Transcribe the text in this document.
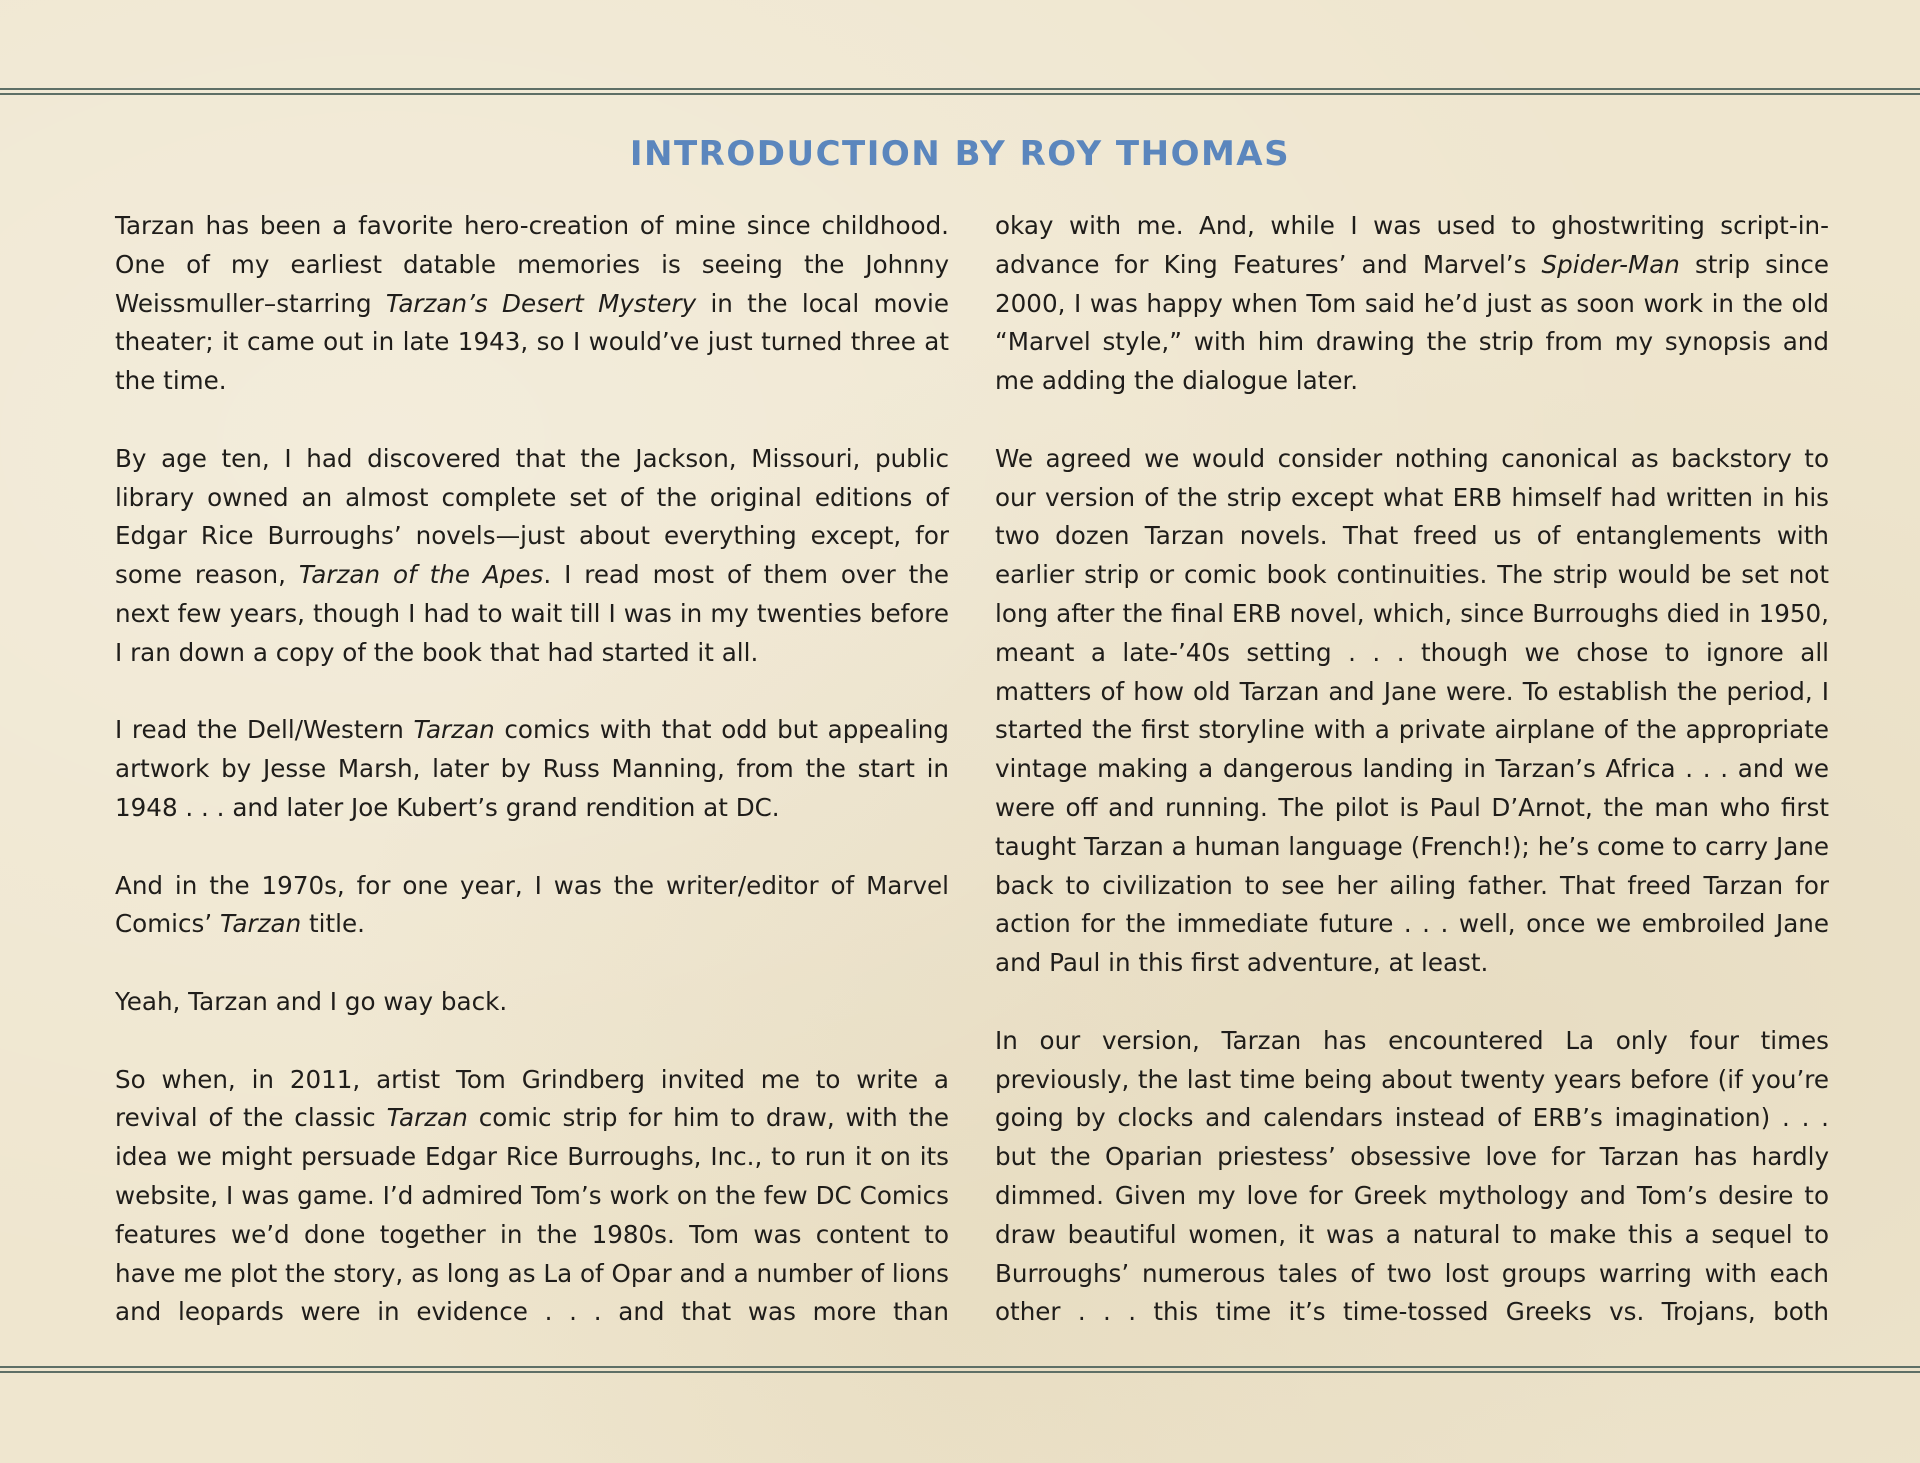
INTRODUCTION BY ROY THOMAS

Tarzan has been a favorite hero-creation of mine since childhood. One of my earliest datable memories is seeing the Johnny Weissmuller–starring Tarzan’s Desert Mystery in the local movie theater; it came out in late 1943, so I would’ve just turned three at the time.

By age ten, I had discovered that the Jackson, Missouri, public library owned an almost complete set of the original editions of Edgar Rice Burroughs’ novels—just about everything except, for some reason, Tarzan of the Apes. I read most of them over the next few years, though I had to wait till I was in my twenties before I ran down a copy of the book that had started it all.

I read the Dell/Western Tarzan comics with that odd but appealing artwork by Jesse Marsh, later by Russ Manning, from the start in 1948 . . . and later Joe Kubert’s grand rendition at DC.

And in the 1970s, for one year, I was the writer/editor of Marvel Comics’ Tarzan title.

Yeah, Tarzan and I go way back.

So when, in 2011, artist Tom Grindberg invited me to write a revival of the classic Tarzan comic strip for him to draw, with the idea we might persuade Edgar Rice Burroughs, Inc., to run it on its website, I was game. I’d admired Tom’s work on the few DC Comics features we’d done together in the 1980s. Tom was content to have me plot the story, as long as La of Opar and a number of lions and leopards were in evidence . . . and that was more than

okay with me. And, while I was used to ghostwriting script-in-advance for King Features’ and Marvel’s Spider-Man strip since 2000, I was happy when Tom said he’d just as soon work in the old “Marvel style,” with him drawing the strip from my synopsis and me adding the dialogue later.

We agreed we would consider nothing canonical as backstory to our version of the strip except what ERB himself had written in his two dozen Tarzan novels. That freed us of entanglements with earlier strip or comic book continuities. The strip would be set not long after the final ERB novel, which, since Burroughs died in 1950, meant a late-’40s setting . . . though we chose to ignore all matters of how old Tarzan and Jane were. To establish the period, I started the first storyline with a private airplane of the appropriate vintage making a dangerous landing in Tarzan’s Africa . . . and we were off and running. The pilot is Paul D’Arnot, the man who first taught Tarzan a human language (French!); he’s come to carry Jane back to civilization to see her ailing father. That freed Tarzan for action for the immediate future . . . well, once we embroiled Jane and Paul in this first adventure, at least.

In our version, Tarzan has encountered La only four times previously, the last time being about twenty years before (if you’re going by clocks and calendars instead of ERB’s imagination) . . . but the Oparian priestess’ obsessive love for Tarzan has hardly dimmed. Given my love for Greek mythology and Tom’s desire to draw beautiful women, it was a natural to make this a sequel to Burroughs’ numerous tales of two lost groups warring with each other . . . this time it’s time-tossed Greeks vs. Trojans, both
